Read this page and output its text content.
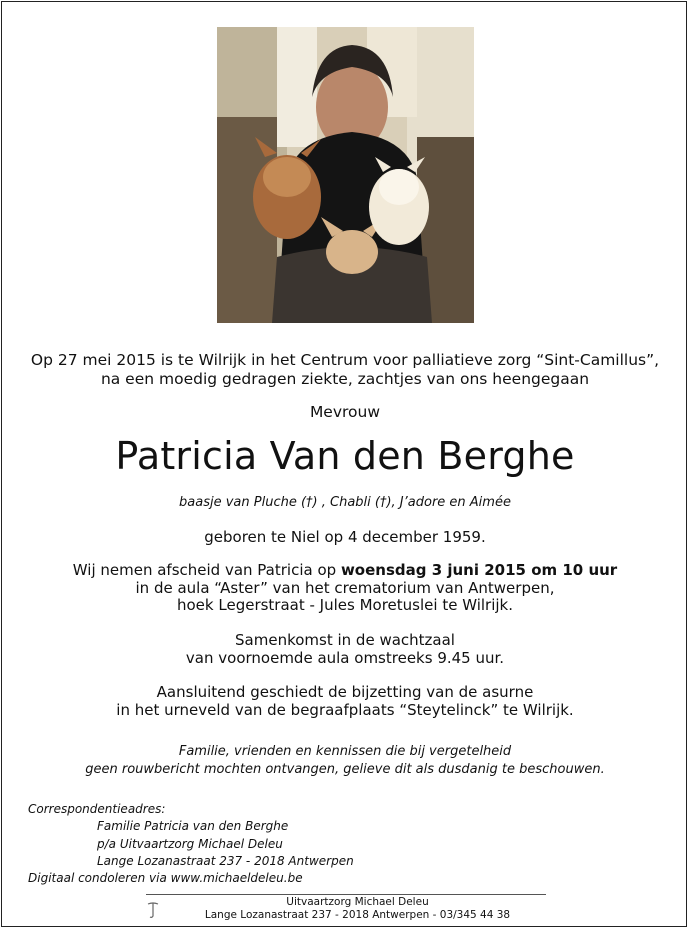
Op 27 mei 2015 is te Wilrijk in het Centrum voor palliatieve zorg “Sint-Camillus”,
na een moedig gedragen ziekte, zachtjes van ons heengegaan
Mevrouw
Patricia Van den Berghe
baasje van Pluche (†) , Chabli (†), J’adore en Aimée
geboren te Niel op 4 december 1959.
Wij nemen afscheid van Patricia op woensdag 3 juni 2015 om 10 uur
in de aula “Aster” van het crematorium van Antwerpen,
hoek Legerstraat - Jules Moretuslei te Wilrijk.
Samenkomst in de wachtzaal
van voornoemde aula omstreeks 9.45 uur.
Aansluitend geschiedt de bijzetting van de asurne
in het urneveld van de begraafplaats “Steytelinck” te Wilrijk.
Familie, vrienden en kennissen die bij vergetelheid
geen rouwbericht mochten ontvangen, gelieve dit als dusdanig te beschouwen.
Correspondentieadres:
Familie Patricia van den Berghe
p/a Uitvaartzorg Michael Deleu
Lange Lozanastraat 237 - 2018 Antwerpen
Digitaal condoleren via www.michaeldeleu.be
Uitvaartzorg Michael Deleu
Lange Lozanastraat 237 - 2018 Antwerpen - 03/345 44 38
